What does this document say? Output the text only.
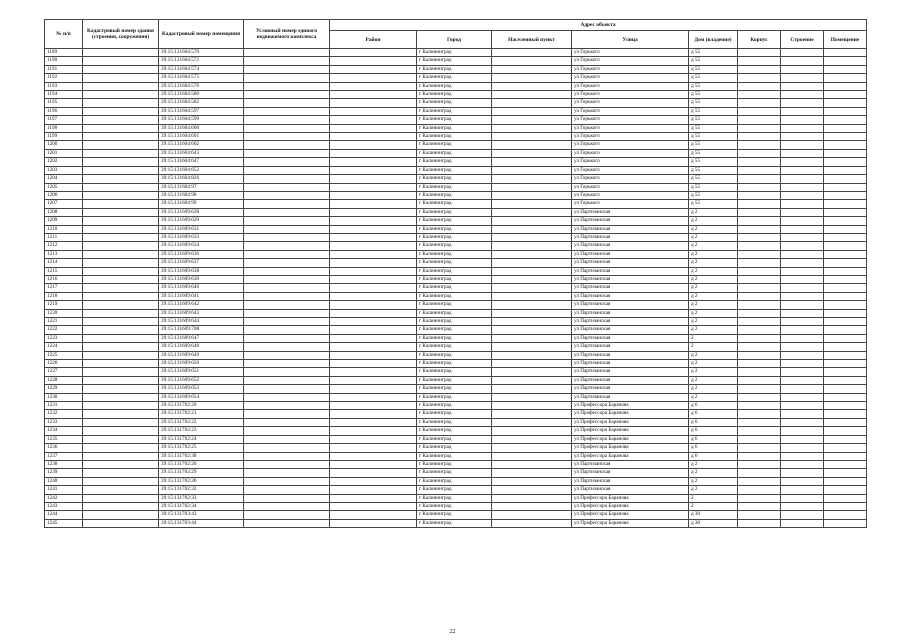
№ п/п	Кадастровый номер здания (строения, сооружения)	Кадастровый номер помещения	Условный номер единого недвижимого комплекса	Адрес объекта							
				Район	Город	Населенный пункт	Улица	Дом (владение)	Корпус	Строение	Помещение
1189		39:15:131604:570			г Калининград		ул Горького	д 55			
1190		39:15:131604:572			г Калининград		ул Горького	д 55			
1191		39:15:131604:574			г Калининград		ул Горького	д 55			
1192		39:15:131604:575			г Калининград		ул Горького	д 55			
1193		39:15:131604:576			г Калининград		ул Горького	д 55			
1194		39:15:131604:580			г Калининград		ул Горького	д 55			
1195		39:15:131604:582			г Калининград		ул Горького	д 55			
1196		39:15:131604:597			г Калининград		ул Горького	д 55			
1197		39:15:131604:599			г Калининград		ул Горького	д 55			
1198		39:15:131604:600			г Калининград		ул Горького	д 55			
1199		39:15:131604:601			г Калининград		ул Горького	д 55			
1200		39:15:131604:602			г Калининград		ул Горького	д 55			
1201		39:15:131604:643			г Калининград		ул Горького	д 55			
1202		39:15:131604:647			г Калининград		ул Горького	д 55			
1203		39:15:131604:652			г Калининград		ул Горького	д 55			
1204		39:15:131604:826			г Калининград		ул Горького	д 55			
1205		39:15:131604:97			г Калининград		ул Горького	д 55			
1206		39:15:131604:98			г Калининград		ул Горького	д 55			
1207		39:15:131604:99			г Калининград		ул Горького	д 55			
1208		39:15:131609:628			г Калининград		ул Партизанская	д 2			
1209		39:15:131609:629			г Калининград		ул Партизанская	д 2			
1210		39:15:131609:631			г Калининград		ул Партизанская	д 2			
1211		39:15:131609:633			г Калининград		ул Партизанская	д 2			
1212		39:15:131609:634			г Калининград		ул Партизанская	д 2			
1213		39:15:131609:636			г Калининград		ул Партизанская	д 2			
1214		39:15:131609:637			г Калининград		ул Партизанская	д 2			
1215		39:15:131609:638			г Калининград		ул Партизанская	д 2			
1216		39:15:131609:639			г Калининград		ул Партизанская	д 2			
1217		39:15:131609:640			г Калининград		ул Партизанская	д 2			
1218		39:15:131609:641			г Калининград		ул Партизанская	д 2			
1219		39:15:131609:642			г Калининград		ул Партизанская	д 2			
1220		39:15:131609:643			г Калининград		ул Партизанская	д 2			
1221		39:15:131609:644			г Калининград		ул Партизанская	д 2			
1222		39:15:131609:708			г Калининград		ул Партизанская	д 2			
1223		39:15:131609:647			г Калининград		ул Партизанская	2			
1224		39:15:131609:648			г Калининград		ул Партизанская	2			
1225		39:15:131609:649			г Калининград		ул Партизанская	д 2			
1226		39:15:131609:650			г Калининград		ул Партизанская	д 2			
1227		39:15:131609:651			г Калининград		ул Партизанская	д 2			
1228		39:15:131609:652			г Калининград		ул Партизанская	д 2			
1229		39:15:131609:653			г Калининград		ул Партизанская	д 2			
1230		39:15:131609:654			г Калининград		ул Партизанская	д 2			
1231		39:15:131702:20			г Калининград		ул Профессора Баранова	д 6			
1232		39:15:131702:21			г Калининград		ул Профессора Баранова	д 6			
1233		39:15:131702:22			г Калининград		ул Профессора Баранова	д 6			
1234		39:15:131702:23			г Калининград		ул Профессора Баранова	д 6			
1235		39:15:131702:24			г Калининград		ул Профессора Баранова	д 6			
1236		39:15:131702:25			г Калининград		ул Профессора Баранова	д 6			
1237		39:15:131702:38			г Калининград		ул Профессора Баранова	д 6			
1238		39:15:131702:26			г Калининград		ул Партизанская	д 2			
1239		39:15:131702:29			г Калининград		ул Партизанская	д 2			
1240		39:15:131702:30			г Калининград		ул Партизанская	д 2			
1241		39:15:131702:32			г Калининград		ул Партизанская	д 2			
1242		39:15:131702:33			г Калининград		ул Профессора Баранова	2			
1243		39:15:131702:34			г Калининград		ул Профессора Баранова	2			
1244		39:15:131703:43			г Калининград		ул Профессора Баранова	д 30			
1245		39:15:131703:44			г Калининград		ул Профессора Баранова	д 30			
22
